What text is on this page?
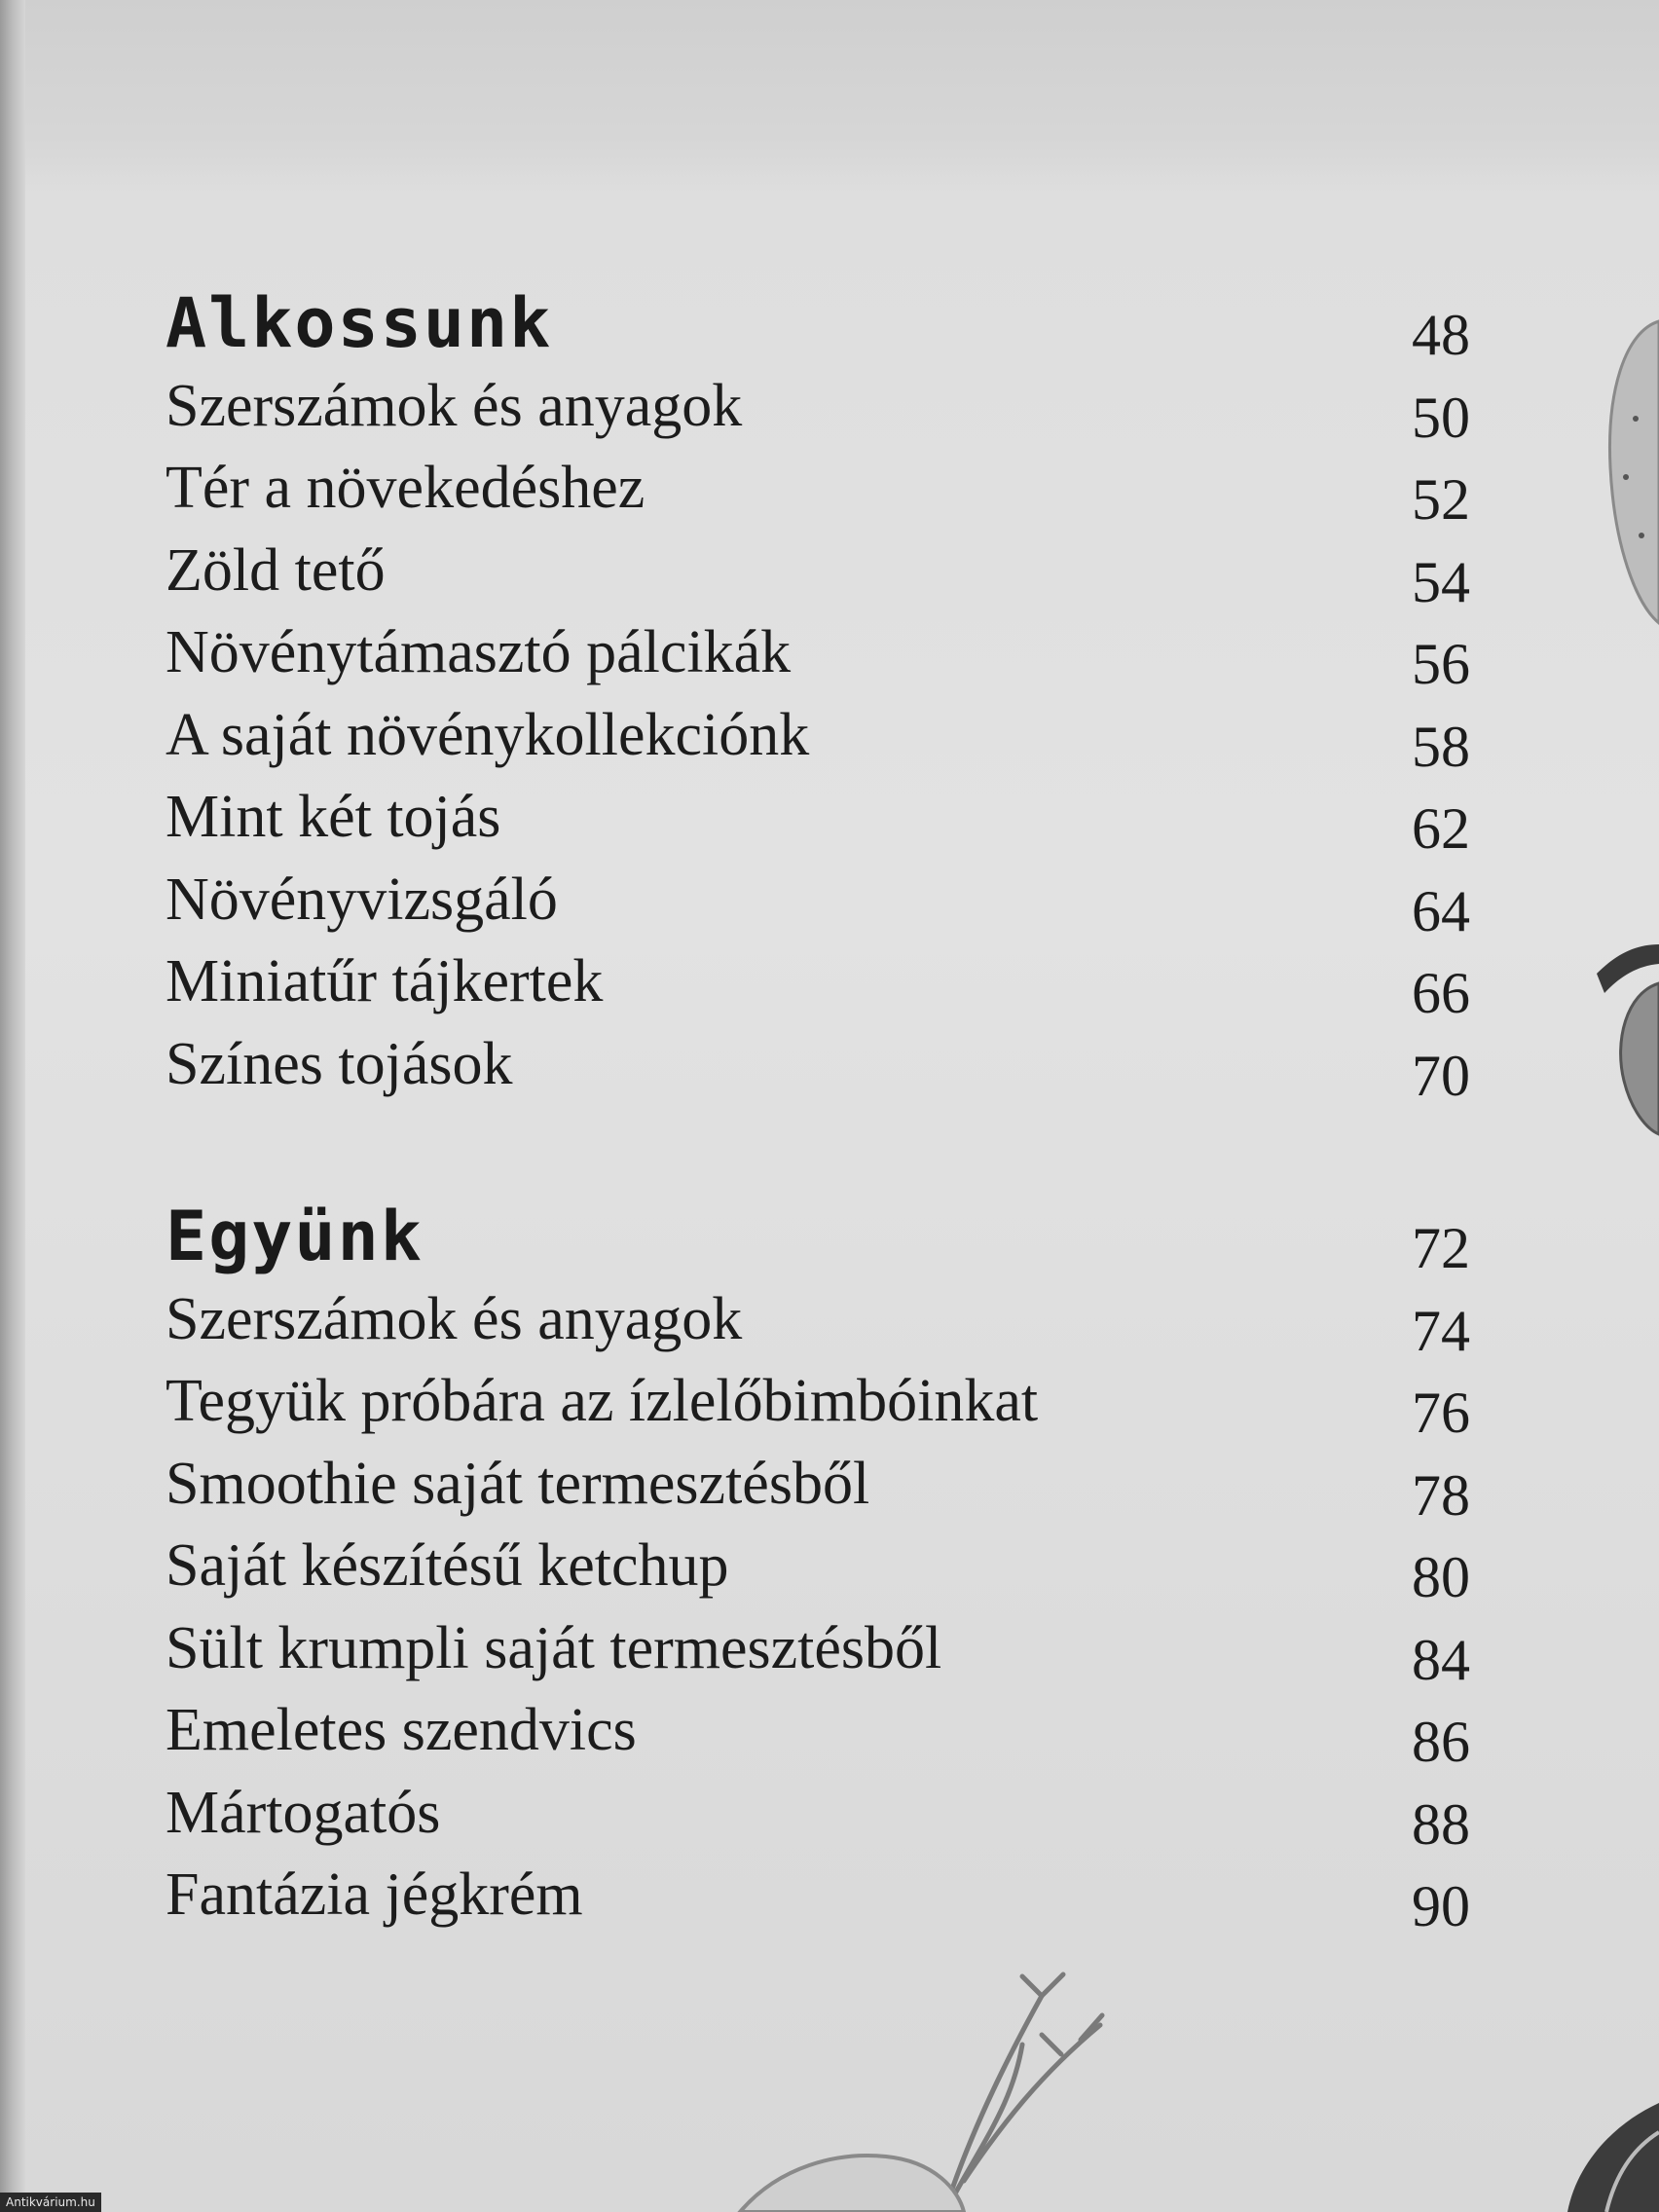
Alkossunk	48
Szerszámok és anyagok	50
Tér a növekedéshez	52
Zöld tető	54
Növénytámasztó pálcikák	56
A saját növénykollekciónk	58
Mint két tojás	62
Növényvizsgáló	64
Miniatűr tájkertek	66
Színes tojások	70
Együnk	72
Szerszámok és anyagok	74
Tegyük próbára az ízlelőbimbóinkat	76
Smoothie saját termesztésből	78
Saját készítésű ketchup	80
Sült krumpli saját termesztésből	84
Emeletes szendvics	86
Mártogatós	88
Fantázia jégkrém	90
Antikvárium.hu
